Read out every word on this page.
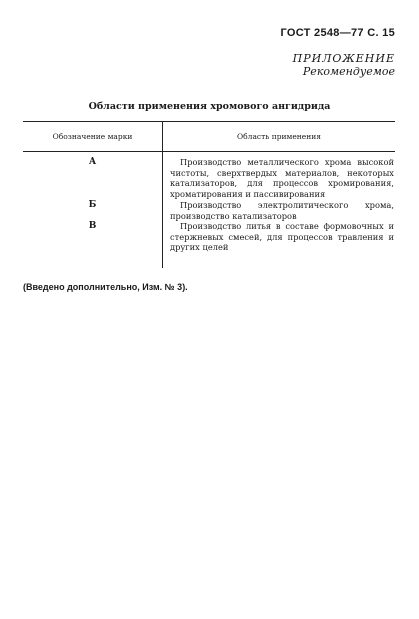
ГОСТ 2548—77 С. 15
ПРИЛОЖЕНИЕ
Рекомендуемое
Области применения хромового ангидрида
Обозначение марки	Область применения
А	Производство металлического хрома высокой чистоты, сверхтвердых материалов, некоторых катализаторов, для процессов хромирования, хроматирования и пассивирования
Б	Производство электролитического хрома, производство катализаторов
В	Производство литья в составе формовочных и стержневых смесей, для процессов травления и других целей
(Введено дополнительно, Изм. № 3).
